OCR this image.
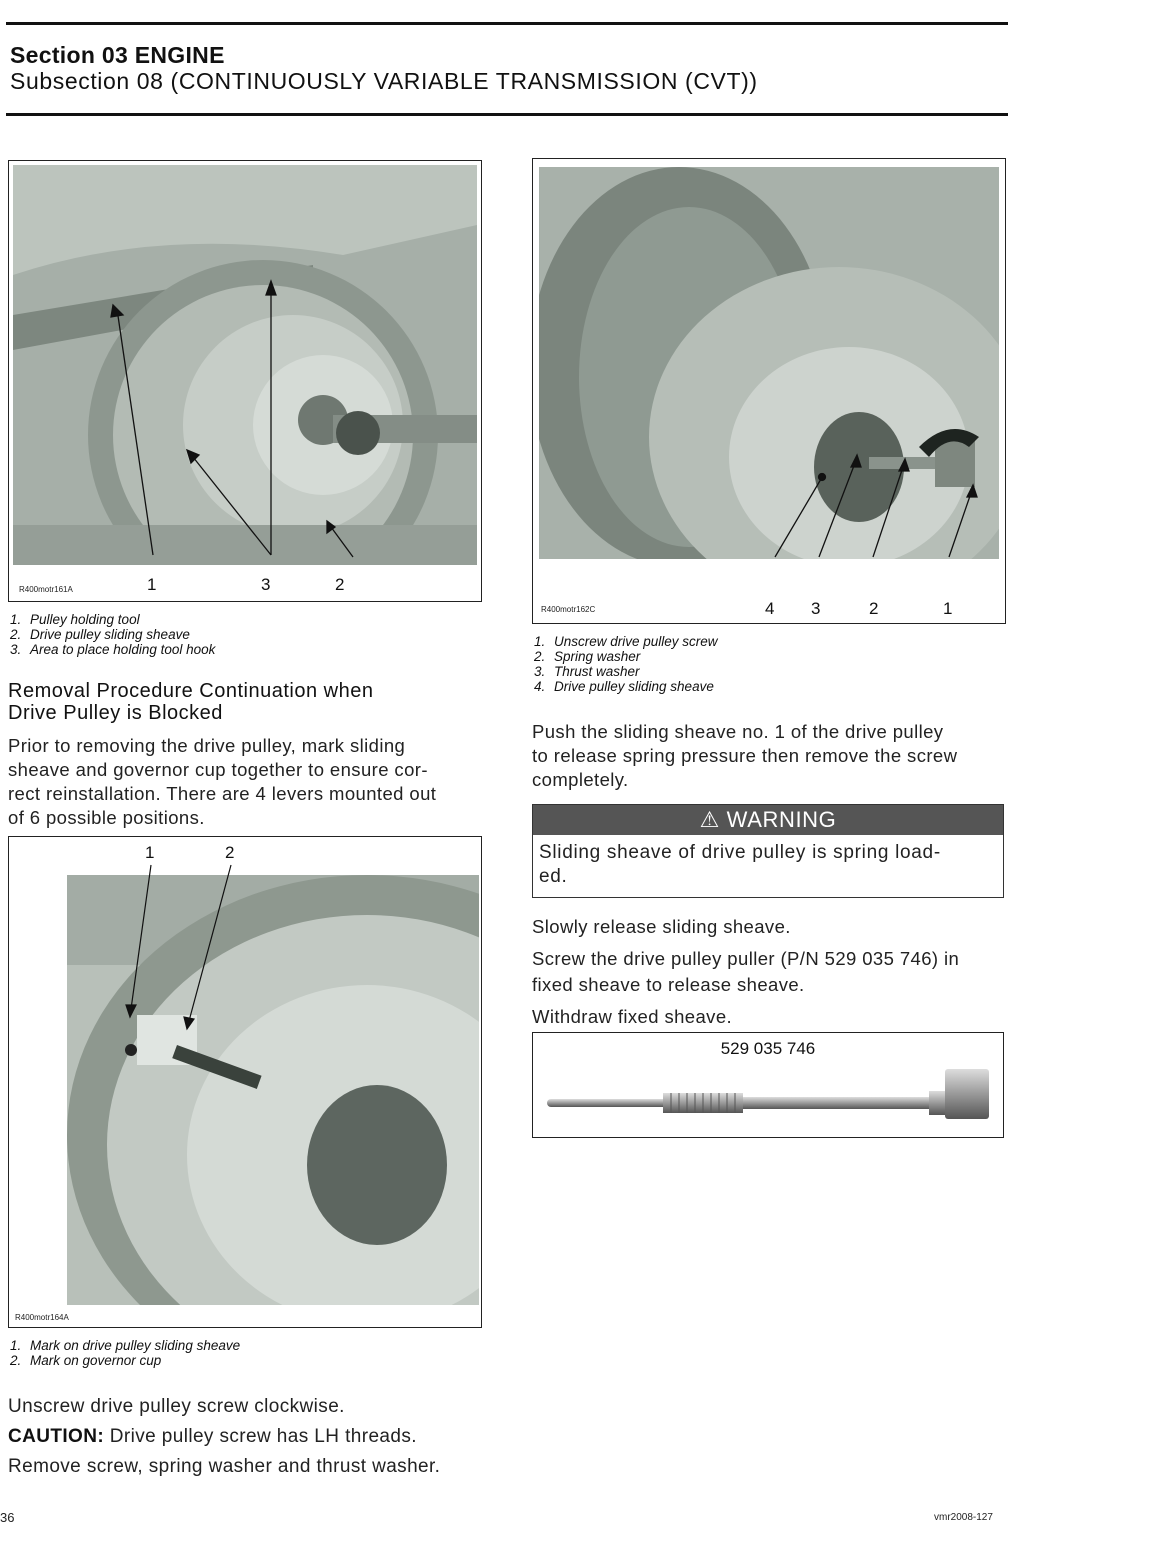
Section 03 ENGINE
Subsection 08 (CONTINUOUSLY VARIABLE TRANSMISSION (CVT))
R400motr161A	1	3	2
1. Pulley holding tool
2. Drive pulley sliding sheave
3. Area to place holding tool hook
Removal Procedure Continuation when
Drive Pulley is Blocked
Prior to removing the drive pulley, mark sliding
sheave and governor cup together to ensure cor-
rect reinstallation. There are 4 levers mounted out
of 6 possible positions.
1	2
R400motr164A
1. Mark on drive pulley sliding sheave
2. Mark on governor cup
Unscrew drive pulley screw clockwise.
CAUTION: Drive pulley screw has LH threads.
Remove screw, spring washer and thrust washer.
R400motr162C	4 3	2	1
1. Unscrew drive pulley screw
2. Spring washer
3. Thrust washer
4. Drive pulley sliding sheave
Push the sliding sheave no. 1 of the drive pulley
to release spring pressure then remove the screw
completely.
⚠ WARNING
Sliding sheave of drive pulley is spring load-
ed.
Slowly release sliding sheave.
Screw the drive pulley puller (P/N 529 035 746) in
fixed sheave to release sheave.
Withdraw fixed sheave.
529 035 746
36	vmr2008-127
